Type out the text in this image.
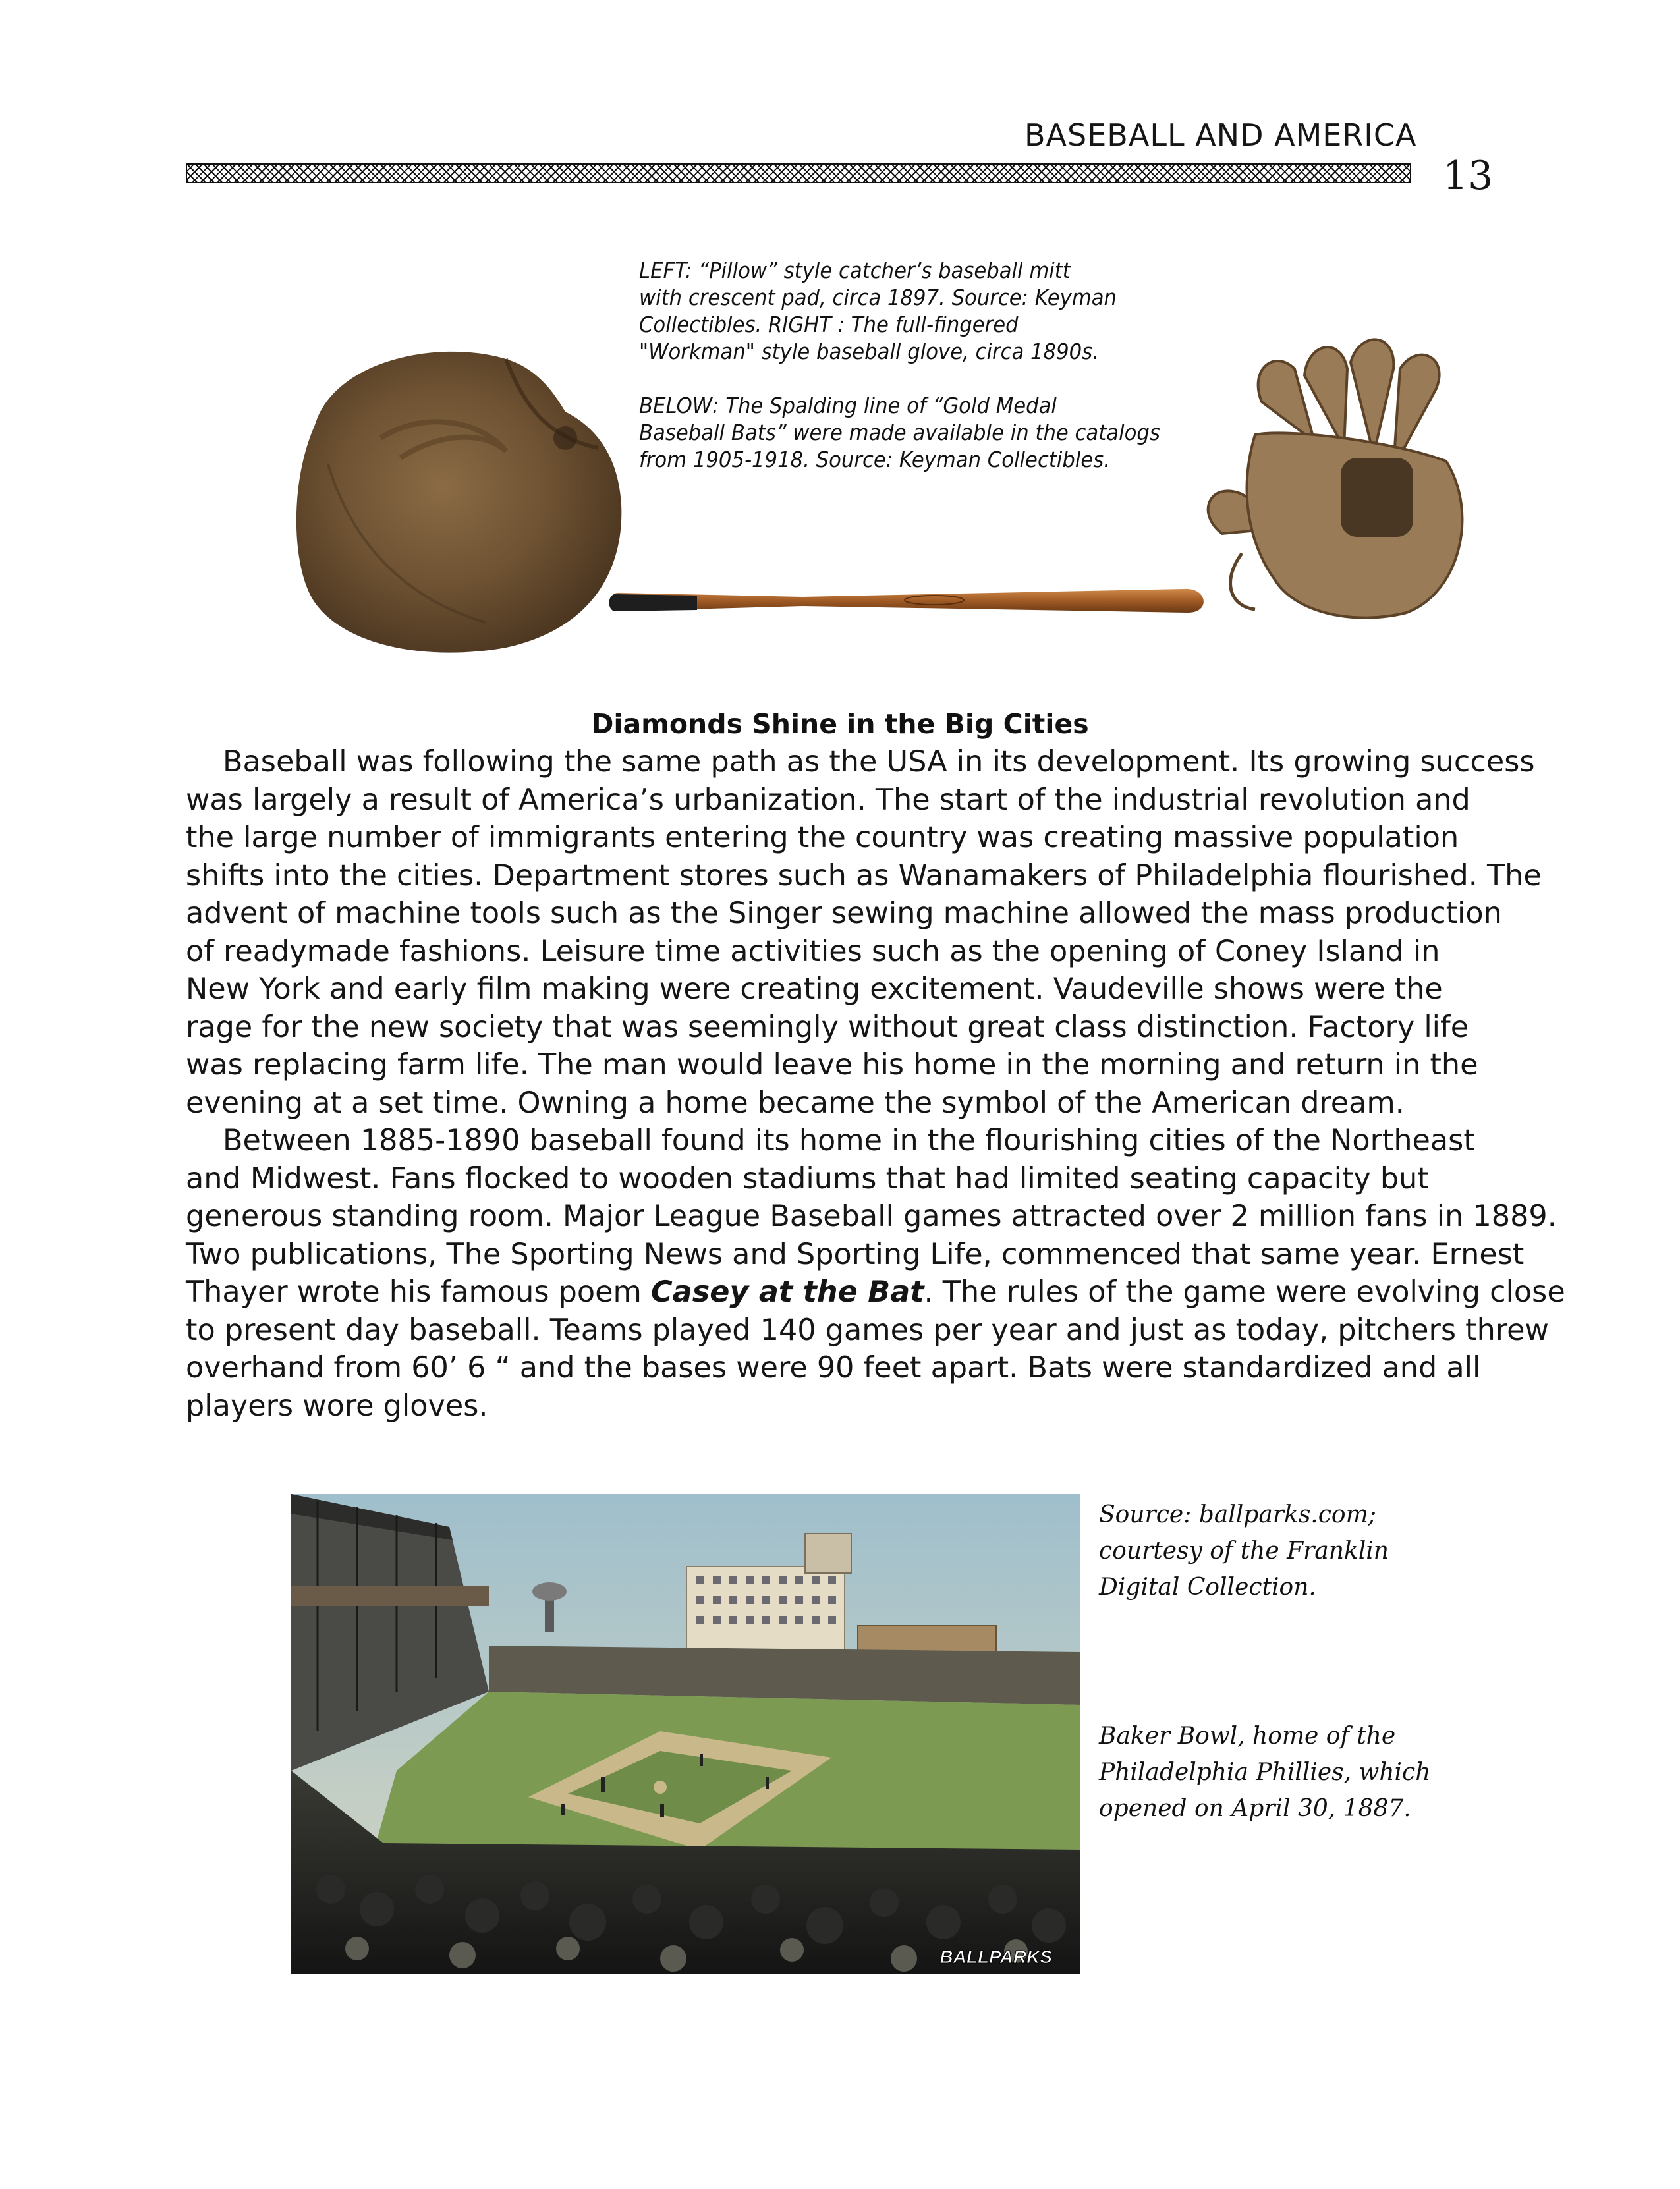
BASEBALL AND AMERICA
13

LEFT: “Pillow” style catcher’s baseball mitt
with crescent pad, circa 1897. Source: Keyman
Collectibles. RIGHT : The full-fingered
"Workman" style baseball glove, circa 1890s.

BELOW: The Spalding line of “Gold Medal
Baseball Bats” were made available in the catalogs
from 1905-1918. Source: Keyman Collectibles.

Diamonds Shine in the Big Cities
Baseball was following the same path as the USA in its development. Its growing success
was largely a result of America’s urbanization. The start of the industrial revolution and
the large number of immigrants entering the country was creating massive population
shifts into the cities. Department stores such as Wanamakers of Philadelphia flourished. The
advent of machine tools such as the Singer sewing machine allowed the mass production
of readymade fashions. Leisure time activities such as the opening of Coney Island in
New York and early film making were creating excitement. Vaudeville shows were the
rage for the new society that was seemingly without great class distinction. Factory life
was replacing farm life. The man would leave his home in the morning and return in the
evening at a set time. Owning a home became the symbol of the American dream.
Between 1885-1890 baseball found its home in the flourishing cities of the Northeast
and Midwest. Fans flocked to wooden stadiums that had limited seating capacity but
generous standing room. Major League Baseball games attracted over 2 million fans in 1889.
Two publications, The Sporting News and Sporting Life, commenced that same year. Ernest
Thayer wrote his famous poem Casey at the Bat. The rules of the game were evolving close
to present day baseball. Teams played 140 games per year and just as today, pitchers threw
overhand from 60’ 6 “ and the bases were 90 feet apart. Bats were standardized and all
players wore gloves.
BALLPARKS
Source: ballparks.com;
courtesy of the Franklin
Digital Collection.
Baker Bowl, home of the
Philadelphia Phillies, which
opened on April 30, 1887.
